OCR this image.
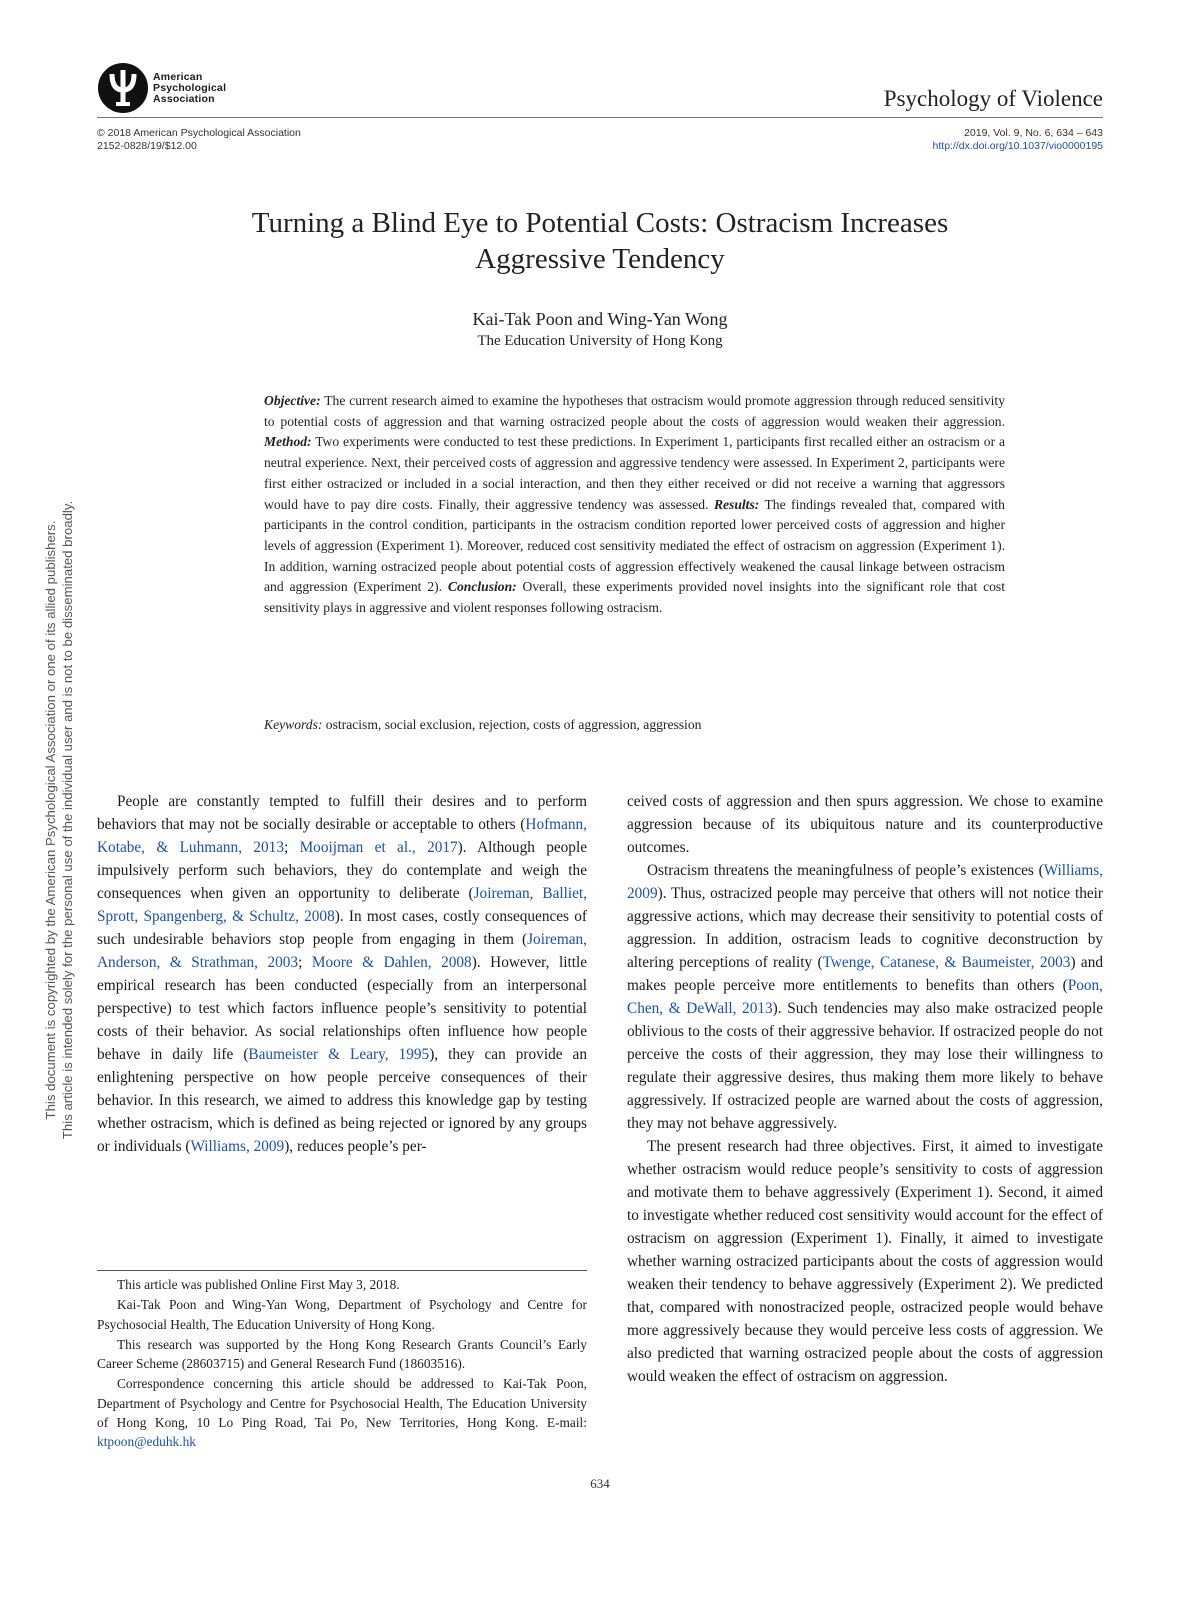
American
Psychological
Association	Psychology of Violence
© 2018 American Psychological Association
2152-0828/19/$12.00
2019, Vol. 9, No. 6, 634 – 643
http://dx.doi.org/10.1037/vio0000195
Turning a Blind Eye to Potential Costs: Ostracism Increases
Aggressive Tendency
Kai-Tak Poon and Wing-Yan Wong
The Education University of Hong Kong
Objective: The current research aimed to examine the hypotheses that ostracism would promote aggression through reduced sensitivity to potential costs of aggression and that warning ostracized people about the costs of aggression would weaken their aggression. Method: Two experiments were conducted to test these predictions. In Experiment 1, participants first recalled either an ostracism or a neutral experience. Next, their perceived costs of aggression and aggressive tendency were assessed. In Experiment 2, participants were first either ostracized or included in a social interaction, and then they either received or did not receive a warning that aggressors would have to pay dire costs. Finally, their aggressive tendency was assessed. Results: The findings revealed that, compared with participants in the control condition, participants in the ostracism condition reported lower perceived costs of aggression and higher levels of aggression (Experiment 1). Moreover, reduced cost sensitivity mediated the effect of ostracism on aggression (Experiment 1). In addition, warning ostracized people about potential costs of aggression effectively weakened the causal linkage between ostracism and aggression (Experiment 2). Conclusion: Overall, these experiments provided novel insights into the significant role that cost sensitivity plays in aggressive and violent responses following ostracism.
Keywords: ostracism, social exclusion, rejection, costs of aggression, aggression

People are constantly tempted to fulfill their desires and to perform behaviors that may not be socially desirable or acceptable to others (Hofmann, Kotabe, & Luhmann, 2013; Mooijman et al., 2017). Although people impulsively perform such behaviors, they do contemplate and weigh the consequences when given an opportunity to deliberate (Joireman, Balliet, Sprott, Spangenberg, & Schultz, 2008). In most cases, costly consequences of such undesirable behaviors stop people from engaging in them (Joireman, Anderson, & Strathman, 2003; Moore & Dahlen, 2008). However, little empirical research has been conducted (especially from an interpersonal perspective) to test which factors influence people’s sensitivity to potential costs of their behavior. As social relationships often influence how people behave in daily life (Baumeister & Leary, 1995), they can provide an enlightening perspective on how people perceive consequences of their behavior. In this research, we aimed to address this knowledge gap by testing whether ostracism, which is defined as being rejected or ignored by any groups or individuals (Williams, 2009), reduces people’s per-

ceived costs of aggression and then spurs aggression. We chose to examine aggression because of its ubiquitous nature and its counterproductive outcomes.

Ostracism threatens the meaningfulness of people’s existences (Williams, 2009). Thus, ostracized people may perceive that others will not notice their aggressive actions, which may decrease their sensitivity to potential costs of aggression. In addition, ostracism leads to cognitive deconstruction by altering perceptions of reality (Twenge, Catanese, & Baumeister, 2003) and makes people perceive more entitlements to benefits than others (Poon, Chen, & DeWall, 2013). Such tendencies may also make ostracized people oblivious to the costs of their aggressive behavior. If ostracized people do not perceive the costs of their aggression, they may lose their willingness to regulate their aggressive desires, thus making them more likely to behave aggressively. If ostracized people are warned about the costs of aggression, they may not behave aggressively.

The present research had three objectives. First, it aimed to investigate whether ostracism would reduce people’s sensitivity to costs of aggression and motivate them to behave aggressively (Experiment 1). Second, it aimed to investigate whether reduced cost sensitivity would account for the effect of ostracism on aggression (Experiment 1). Finally, it aimed to investigate whether warning ostracized participants about the costs of aggression would weaken their tendency to behave aggressively (Experiment 2). We predicted that, compared with nonostracized people, ostracized people would behave more aggressively because they would perceive less costs of aggression. We also predicted that warning ostracized people about the costs of aggression would weaken the effect of ostracism on aggression.

This article was published Online First May 3, 2018.

Kai-Tak Poon and Wing-Yan Wong, Department of Psychology and Centre for Psychosocial Health, The Education University of Hong Kong.

This research was supported by the Hong Kong Research Grants Council’s Early Career Scheme (28603715) and General Research Fund (18603516).

Correspondence concerning this article should be addressed to Kai-Tak Poon, Department of Psychology and Centre for Psychosocial Health, The Education University of Hong Kong, 10 Lo Ping Road, Tai Po, New Territories, Hong Kong. E-mail: ktpoon@eduhk.hk

634
This document is copyrighted by the American Psychological Association or one of its allied publishers. This article is intended solely for the personal use of the individual user and is not to be disseminated broadly.
